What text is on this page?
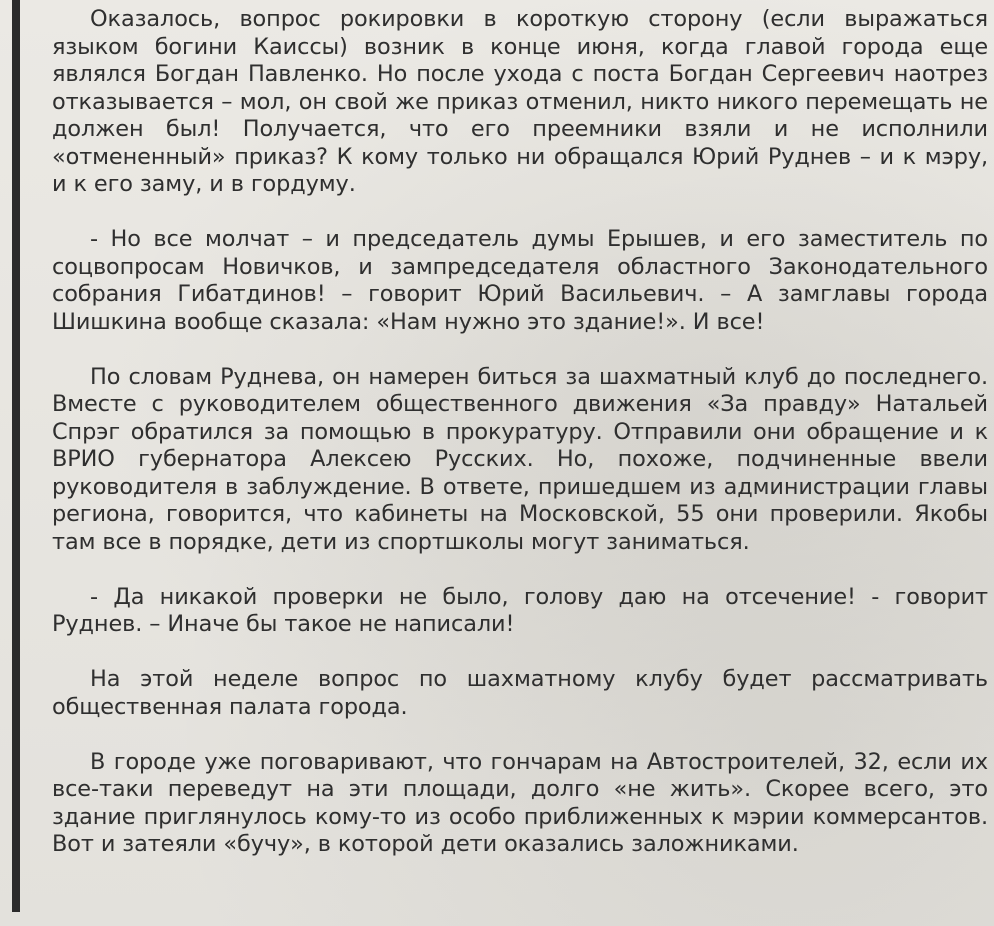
Оказалось, вопрос рокировки в короткую сторону (если выражаться языком богини Каиссы) возник в конце июня, когда главой города еще являлся Богдан Павленко. Но после ухода с поста Богдан Сергеевич наотрез отказывается – мол, он свой же приказ отменил, никто никого перемещать не должен был! Получается, что его преемники взяли и не исполнили «отмененный» приказ? К кому только ни обращался Юрий Руднев – и к мэру, и к его заму, и в гордуму.

- Но все молчат – и председатель думы Ерышев, и его заместитель по соцвопросам Новичков, и зампредседателя областного Законодательного собрания Гибатдинов! – говорит Юрий Васильевич. – А замглавы города Шишкина вообще сказала: «Нам нужно это здание!». И все!

По словам Руднева, он намерен биться за шахматный клуб до последнего. Вместе с руководителем общественного движения «За правду» Натальей Спрэг обратился за помощью в прокуратуру. Отправили они обращение и к ВРИО губернатора Алексею Русских. Но, похоже, подчиненные ввели руководителя в заблуждение. В ответе, пришедшем из администрации главы региона, говорится, что кабинеты на Московской, 55 они проверили. Якобы там все в порядке, дети из спортшколы могут заниматься.

- Да никакой проверки не было, голову даю на отсечение! - говорит Руднев. – Иначе бы такое не написали!

На этой неделе вопрос по шахматному клубу будет рассматривать общественная палата города.

В городе уже поговаривают, что гончарам на Автостроителей, 32, если их все-таки переведут на эти площади, долго «не жить». Скорее всего, это здание приглянулось кому-то из особо приближенных к мэрии коммерсантов. Вот и затеяли «бучу», в которой дети оказались заложниками.
